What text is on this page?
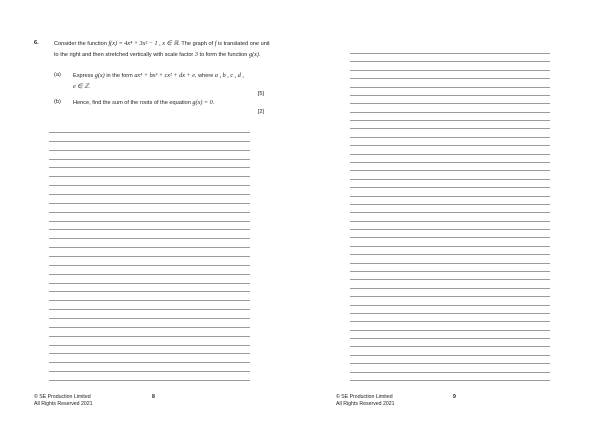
6.	Consider the function f(x) = 4x⁴ + 3x² − 1 , x ∈ ℝ. The graph of f is translated one unit to the right and then stretched vertically with scale factor 3 to form the function g(x).
(a) Express g(x) in the form ax⁴ + bx³ + cx² + dx + e, where a , b , c , d ,
e ∈ ℤ.
[5]
(b) Hence, find the sum of the roots of the equation g(x) = 0.
[2]
© SE Production Limited
All Rights Reserved 2021
8	© SE Production Limited
All Rights Reserved 2021
9
